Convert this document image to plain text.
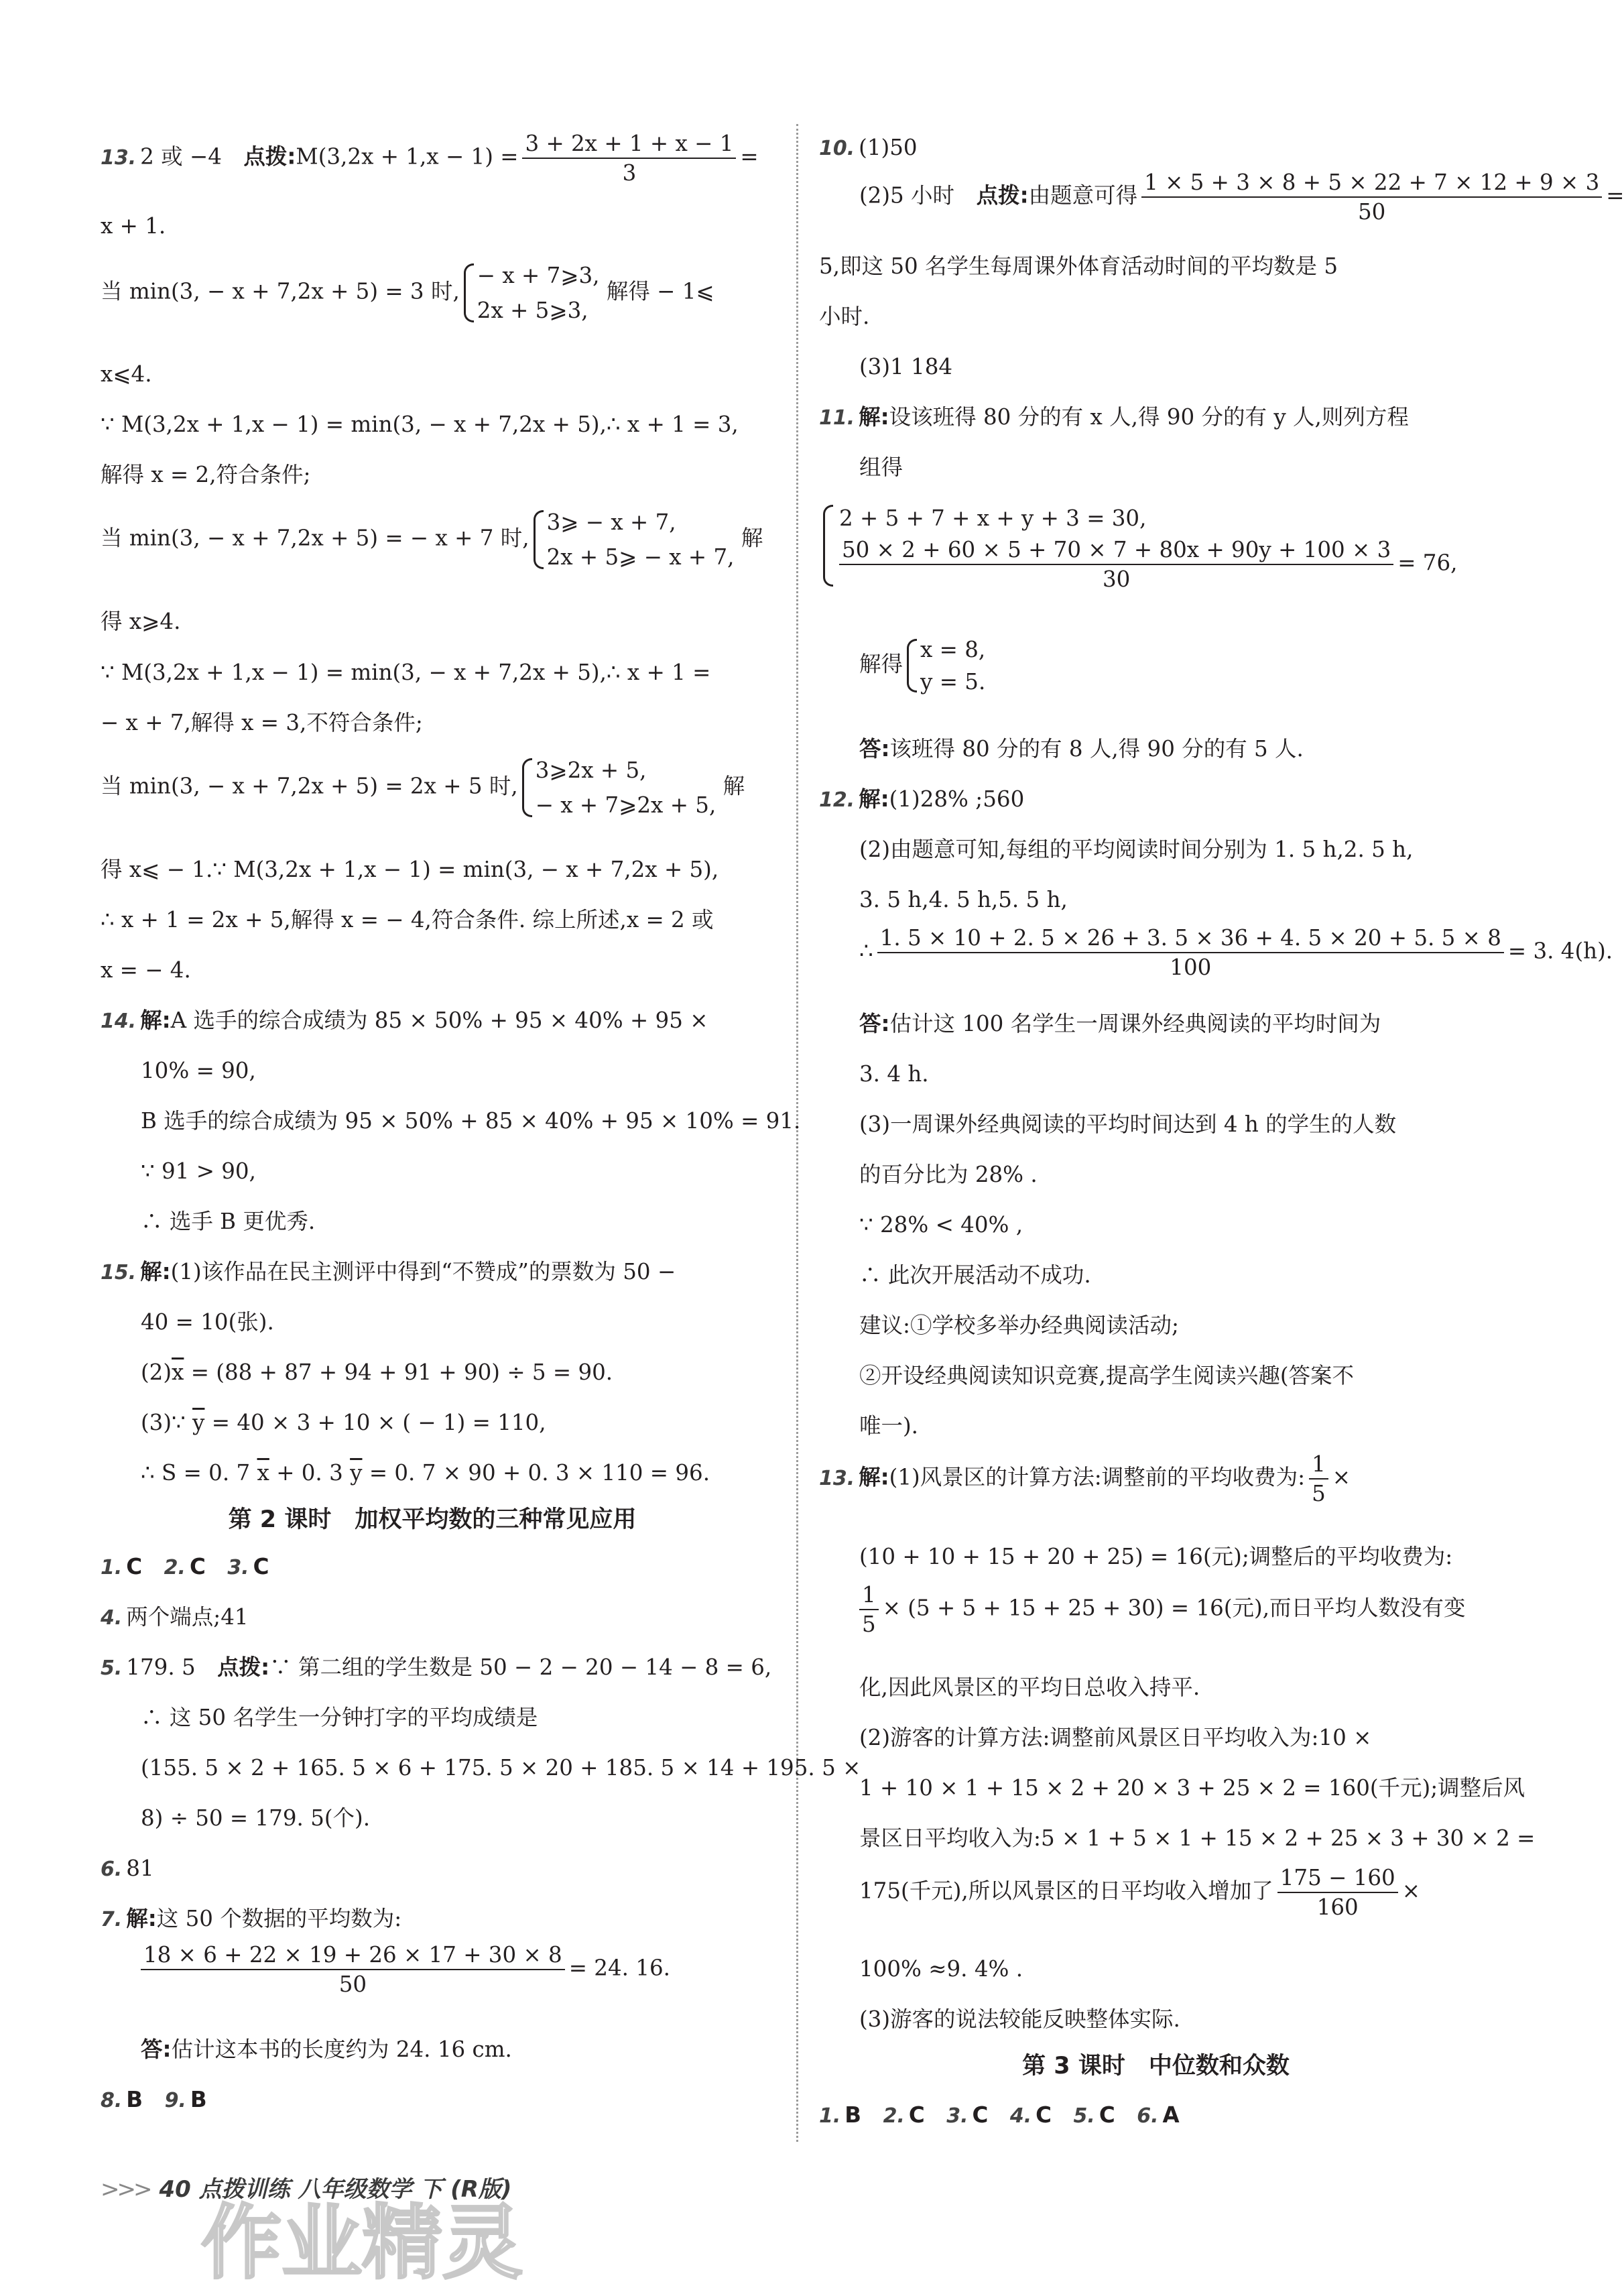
13. 2 或 −4　 点拨:M(3,2x + $1,x - 1) = \frac{3 + 2x + 1 + x - 1}{3}$ =
x + 1.
当 min(3, − x + 7,2x + 5) = 3 时,
− x + 7⩾3,
2x + 5⩾3,
解得 − 1⩽
x⩽4.
∵ M(3,2x + 1,x − 1) = min(3, − x + 7,2x + 5),∴ x + 1 = 3,
解得 x = 2,符合条件;
当 min(3, − x + 7,2x + 5) = − x + 7 时,
3⩾ − x + 7,
2x + 5⩾ − x + 7,
解
得 x⩾4.
∵ M(3,2x + 1,x − 1) = min(3, − x + 7,2x + 5),∴ x + 1 =
− x + 7,解得 x = 3,不符合条件;
当 min(3, − x + 7,2x + 5) = 2x + 5 时,
3⩾2x + 5,
− x + 7⩾2x + 5,
解
得 x⩽ − 1.∵ M(3,2x + 1,x − 1) = min(3, − x + 7,2x + 5),
∴ x + 1 = 2x + 5,解得 x = − 4,符合条件. 综上所述,x = 2 或
x = − 4.
14. 解:A 选手的综合成绩为 85 × 50% + 95 × 40% + 95 ×
10% = 90,
B 选手的综合成绩为 95 × 50% + 85 × 40% + 95 × 10% = 91.
∵ 91 > 90,
∴ 选手 B 更优秀.
15. 解:(1)该作品在民主测评中得到“不赞成”的票数为 50 −
40 = 10(张).
$(2)\overline{x} = (88 + 87 + 94 + 91 + 90) \div 5 = 90$.
(3)∵ $\overline{y} = 40 \times 3 + 10$ × ( − 1) = 110,
∴ S = 0. 7 $\overline{x} + 0$. 3 $\overline{y} = 0$. 7 × 90 + 0. 3 × 110 = 96.
第 2 课时　加权平均数的三种常见应用
1. C　 2. C　 3. C
4. 两个端点;41
5. 179. 5　 点拨:∵ 第二组的学生数是 50 − 2 − 20 − 14 − 8 = 6,
∴ 这 50 名学生一分钟打字的平均成绩是
(155. 5 × 2 + 165. 5 × 6 + 175. 5 × 20 + 185. 5 × 14 + 195. 5 ×
8) ÷ 50 = 179. 5(个).
6. 81
7. 解:这 50 个数据的平均数为:
$\frac{18 \times 6 + 22 \times 19 + 26 \times 17 + 30 \times 8}{50} = 24$. 16.
答:估计这本书的长度约为 24. 16 cm.
8. B　 9. B
10. (1)50
(2)5 小时　 点拨:由题意可得 $\frac{1 \times 5 + 3 \times 8 + 5 \times 22 + 7 \times 12 + 9 \times 3}{50}$ =
5,即这 50 名学生每周课外体育活动时间的平均数是 5
小时.
(3)1 184
11. 解:设该班得 80 分的有 x 人,得 90 分的有 y 人,则列方程
组得
2 + 5 + 7 + x + y + 3 = 30,
$\frac{50 \times 2 + 60 \times 5 + 70 \times 7 + 80x + 90y + 100 \times 3}{30} = 76$,
解得
x = 8,
y = 5.
答:该班得 80 分的有 8 人,得 90 分的有 5 人.
12. 解:(1)28% ;560
(2)由题意可知,每组的平均阅读时间分别为 1. 5 h,2. 5 h,
3. 5 h,4. 5 h,5. 5 h,
∴ $\frac{1. 5 \times 10 + 2. 5 \times 26 + 3. 5 \times 36 + 4. 5 \times 20 + 5. 5 \times 8}{100} = 3$. 4(h).
答:估计这 100 名学生一周课外经典阅读的平均时间为
3. 4 h.
(3)一周课外经典阅读的平均时间达到 4 h 的学生的人数
的百分比为 28% .
∵ 28% < 40% ,
∴ 此次开展活动不成功.
建议:①学校多举办经典阅读活动;
②开设经典阅读知识竞赛,提高学生阅读兴趣(答案不
唯一).
13. 解:(1)风景区的计算方法:调整前的平均收费为: $\frac{1}{5}$ ×
(10 + 10 + 15 + 20 + 25) = 16(元);调整后的平均收费为:
$\frac{1}{5} \times (5 + 5 + 15 + 25 + 30) = 16$(元),而日平均人数没有变
化,因此风景区的平均日总收入持平.
(2)游客的计算方法:调整前风景区日平均收入为:10 ×
1 + 10 × 1 + 15 × 2 + 20 × 3 + 25 × 2 = 160(千元);调整后风
景区日平均收入为:5 × 1 + 5 × 1 + 15 × 2 + 25 × 3 + 30 × 2 =
175(千元),所以风景区的日平均收入增加了 $\frac{175 - 160}{160}$ ×
100% ≈9. 4% .
(3)游客的说法较能反映整体实际.
第 3 课时　中位数和众数
1. B　 2. C　 3. C　 4. C　 5. C　 6. A
>>> 40 点拨训练 八年级数学 下 (R版)
作业精灵
